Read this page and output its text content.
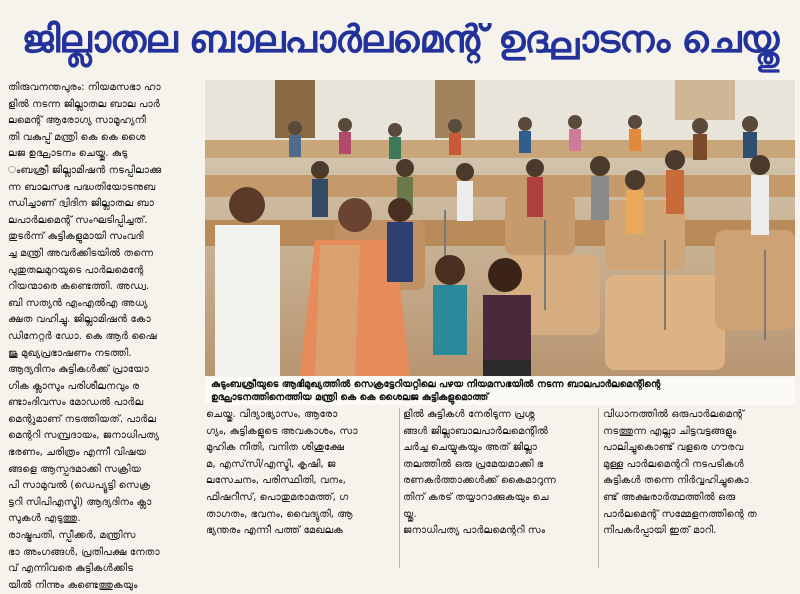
ജില്ലാതല ബാലപാർലമെന്റ് ഉദ്ഘാടനം ചെയ്തു
തിരുവനന്തപുരം: നിയമസഭാ ഹാ
ളിൽ നടന്ന ജില്ലാതല ബാല പാർ
ലമെന്റ് ആരോഗ്യ സാമൂഹ്യനീ
തി വകുപ്പ് മന്ത്രി കെ കെ ശൈ
ലജ ഉദ്ഘാടനം ചെയ്തു. കുടു
ംബശ്രീ ജില്ലാമിഷൻ നടപ്പിലാക്കു
ന്ന ബാലസഭ പദ്ധതിയോടനുബ
ന്ധിച്ചാണ് ദ്വിദിന ജില്ലാതല ബാ
ലപാർലമെന്റ് സംഘടിപ്പിച്ചത്.
തുടർന്ന് കുട്ടികളുമായി സംവദി
ച്ച മന്ത്രി അവർക്കിടയിൽ തന്നെ
പുതുതലമുറയുടെ പാർലമെന്റേ
റിയന്മാരെ കണ്ടെത്തി. അഡ്വ.
ബി സത്യൻ എംഎൽഎ അധ്യ
ക്ഷത വഹിച്ചു. ജില്ലാമിഷൻ കോ
ഡിനേറ്റർ ഡോ. കെ ആർ ഷൈ
ജു മുഖ്യപ്രഭാഷണം നടത്തി.
ആദ്യദിനം കുട്ടികൾക്ക് പ്രായോ
ഗിക ക്ലാസും പരിശീലനവും ര
ണ്ടാംദിവസം മോഡൽ പാർല
മെന്റുമാണ് നടത്തിയത്. പാർല
മെന്ററി സമ്പ്രദായം, ജനാധിപത്യ
ഭരണം, ചരിത്രം എന്നീ വിഷയ
ങ്ങളെ ആസ്പദമാക്കി സക്രിയ
പി സാമുവൽ (ഡെപ്യൂട്ടി സെക്ര
ട്ടറി സിപിഎസ്ടി) ആദ്യദിനം ക്ലാ
സുകൾ എടുത്തു.
രാഷ്ട്രപതി, സ്പീക്കർ, മന്ത്രിസ
ഭാ അംഗങ്ങൾ, പ്രതിപക്ഷ നേതാ
വ് എന്നിവരെ കുട്ടികൾക്കിട
യിൽ നിന്നും കണ്ടെത്തുകയും
കുടുംബശ്രീയുടെ ആഭിമുഖ്യത്തിൽ സെക്രട്ടേറിയറ്റിലെ പഴയ നിയമസഭയിൽ നടന്ന ബാലപാർലമെന്റിന്റെ
ഉദ്ഘാടനത്തിനെത്തിയ മന്ത്രി കെ കെ ശൈലജ കുട്ടികളുമൊത്ത്
ചെയ്തു. വിദ്യാഭ്യാസം, ആരോ
ഗ്യം, കുട്ടികളുടെ അവകാശം, സാ
മൂഹിക നീതി, വനിത ശിശുക്ഷേ
മ, എസ്‌സി/എസ്ടി, കൃഷി, ജ
ലസേചനം, പരിസ്ഥിതി, വനം,
ഫിഷറീസ്, പൊതുമരാമത്ത്, ഗ
താഗതം, ഭവനം, വൈദ്യുതി, ആ
ഭ്യന്തരം എന്നീ പത്ത് മേഖലക
ളിൽ കുട്ടികൾ നേരിടുന്ന പ്രശ്ന
ങ്ങൾ ജില്ലാബാലപാർലമെന്റിൽ
ചർച്ച ചെയ്യുകയും അത് ജില്ലാ
തലത്തിൽ ഒരു പ്രമേയമാക്കി ഭ
രണകർത്താക്കൾക്ക് കൈമാറുന്ന
തിന് കരട് തയ്യാറാക്കുകയും ചെ
യ്തു.
ജനാധിപത്യ പാർലമെന്ററി സം
വിധാനത്തിൽ ഒരുപാർലമെന്റ്
നടത്തുന്ന എല്ലാ ചിട്ടവട്ടങ്ങളും
പാലിച്ചുകൊണ്ട് വളരെ ഗൗരവ
മുള്ള പാർലമെന്ററി നടപടികൾ
കുട്ടികൾ തന്നെ നിർവ്വഹിച്ചുകൊ
ണ്ട് അക്ഷരാർത്ഥത്തിൽ ഒരു
പാർലമെന്റ് സമ്മേളനത്തിന്റെ ത
നിപകർപ്പായി ഇത് മാറി.
